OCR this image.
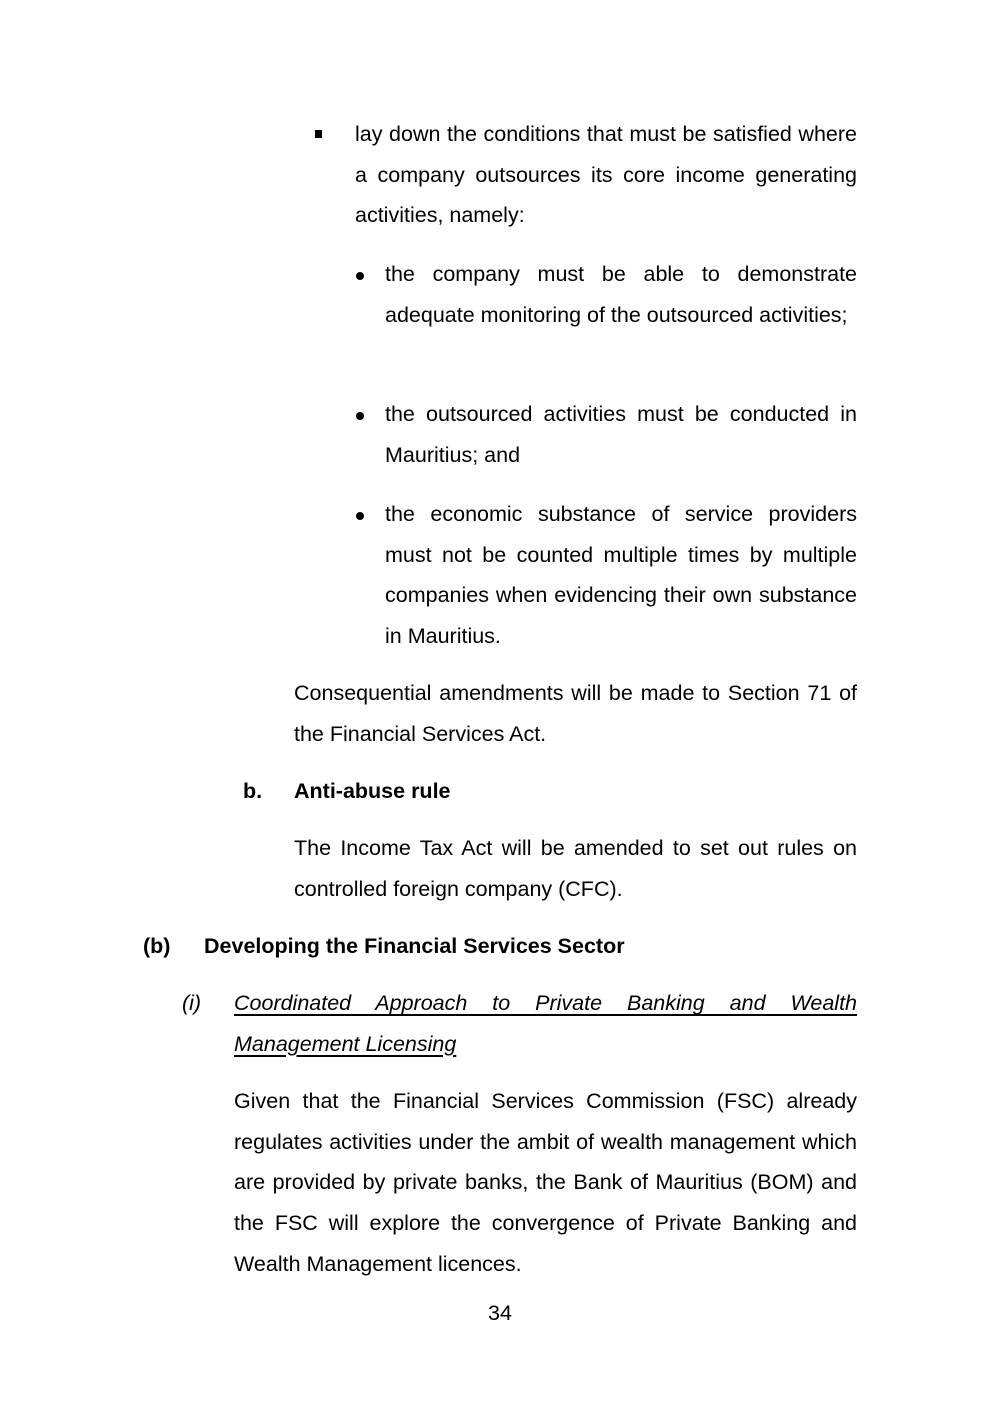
lay down the conditions that must be satisfied where a company outsources its core income generating activities, namely:

the company must be able to demonstrate adequate monitoring of the outsourced activities;

the outsourced activities must be conducted in Mauritius; and

the economic substance of service providers must not be counted multiple times by multiple companies when evidencing their own substance in Mauritius.

Consequential amendments will be made to Section 71 of the Financial Services Act.

b. Anti-abuse rule

The Income Tax Act will be amended to set out rules on controlled foreign company (CFC).

(b) Developing the Financial Services Sector

(i) Coordinated Approach to Private Banking and Wealth Management Licensing

Given that the Financial Services Commission (FSC) already regulates activities under the ambit of wealth management which are provided by private banks, the Bank of Mauritius (BOM) and the FSC will explore the convergence of Private Banking and Wealth Management licences.

34
